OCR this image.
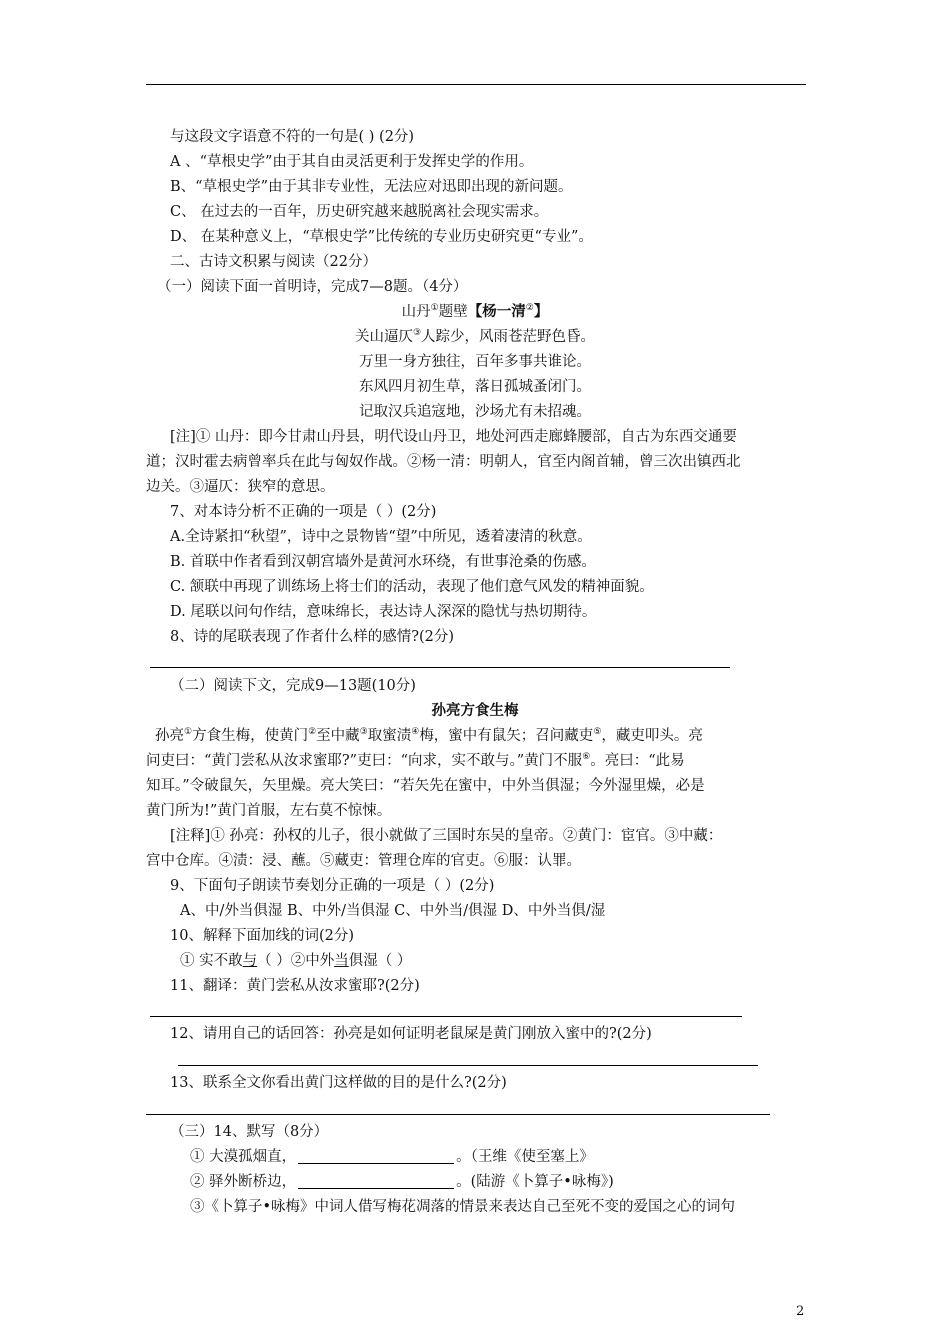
与这段文字语意不符的一句是( ) (2分)
A 、“草根史学”由于其自由灵活更利于发挥史学的作用。
B、“草根史学”由于其非专业性，无法应对迅即出现的新问题。
C、 在过去的一百年，历史研究越来越脱离社会现实需求。
D、 在某种意义上，“草根史学”比传统的专业历史研究更“专业”。
二、古诗文积累与阅读（22分）
（一）阅读下面一首明诗，完成7—8题。（4分）
山丹①题壁【杨一清②】
关山逼仄③人踪少，风雨苍茫野色昏。
万里一身方独往，百年多事共谁论。
东风四月初生草，落日孤城蚤闭门。
记取汉兵追寇地，沙场尤有未招魂。
[注]① 山丹：即今甘肃山丹县，明代设山丹卫，地处河西走廊蜂腰部，自古为东西交通要
道；汉时霍去病曾率兵在此与匈奴作战。②杨一清：明朝人，官至内阁首辅，曾三次出镇西北
边关。③逼仄：狭窄的意思。
7、对本诗分析不正确的一项是（ ）(2分)
A.全诗紧扣“秋望”，诗中之景物皆“望”中所见，透着凄清的秋意。
B. 首联中作者看到汉朝宫墙外是黄河水环绕，有世事沧桑的伤感。
C. 颔联中再现了训练场上将士们的活动，表现了他们意气风发的精神面貌。
D. 尾联以问句作结，意味绵长，表达诗人深深的隐忧与热切期待。
8、诗的尾联表现了作者什么样的感情?(2分)
（二）阅读下文，完成9—13题(10分)
孙亮方食生梅
孙亮①方食生梅，使黄门②至中藏③取蜜渍④梅，蜜中有鼠矢；召问藏吏⑤，藏吏叩头。亮
问吏曰：“黄门尝私从汝求蜜耶?”吏曰：“向求，实不敢与。”黄门不服⑥。亮曰：“此易
知耳。”令破鼠矢，矢里燥。亮大笑曰：“若矢先在蜜中，中外当俱湿；今外湿里燥，必是
黄门所为!”黄门首服，左右莫不惊悚。
[注释]① 孙亮：孙权的儿子，很小就做了三国时东吴的皇帝。②黄门：宦官。③中藏：
宫中仓库。④渍：浸、蘸。⑤藏吏：管理仓库的官吏。⑥服：认罪。
9、下面句子朗读节奏划分正确的一项是（ ）(2分)
A、中/外当俱湿 B、中外/当俱湿 C、中外当/俱湿 D、中外当俱/湿
10、解释下面加线的词(2分)
① 实不敢与（ ）②中外当俱湿（ ）
11、翻译：黄门尝私从汝求蜜耶?(2分)
12、请用自己的话回答：孙亮是如何证明老鼠屎是黄门刚放入蜜中的?(2分)
13、联系全文你看出黄门这样做的目的是什么?(2分)
（三）14、默写（8分）
① 大漠孤烟直，	。（王维《使至塞上》
② 驿外断桥边，	。(陆游《卜算子•咏梅》)
③《卜算子•咏梅》中词人借写梅花凋落的情景来表达自己至死不变的爱国之心的词句
2
